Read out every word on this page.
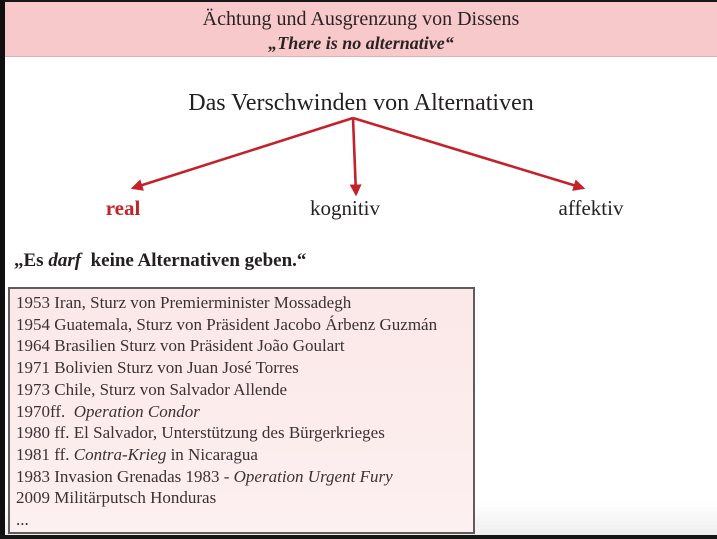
Ächtung und Ausgrenzung von Dissens
„There is no alternative“
Das Verschwinden von Alternativen
real	kognitiv	affektiv
„Es darf  keine Alternativen geben.“
1953 Iran, Sturz von Premierminister Mossadegh
1954 Guatemala, Sturz von Präsident Jacobo Árbenz Guzmán
1964 Brasilien Sturz von Präsident João Goulart
1971 Bolivien Sturz von Juan José Torres
1973 Chile, Sturz von Salvador Allende
1970ff.  Operation Condor
1980 ff. El Salvador, Unterstützung des Bürgerkrieges
1981 ff. Contra-Krieg in Nicaragua
1983 Invasion Grenadas 1983 - Operation Urgent Fury
2009 Militärputsch Honduras
...
